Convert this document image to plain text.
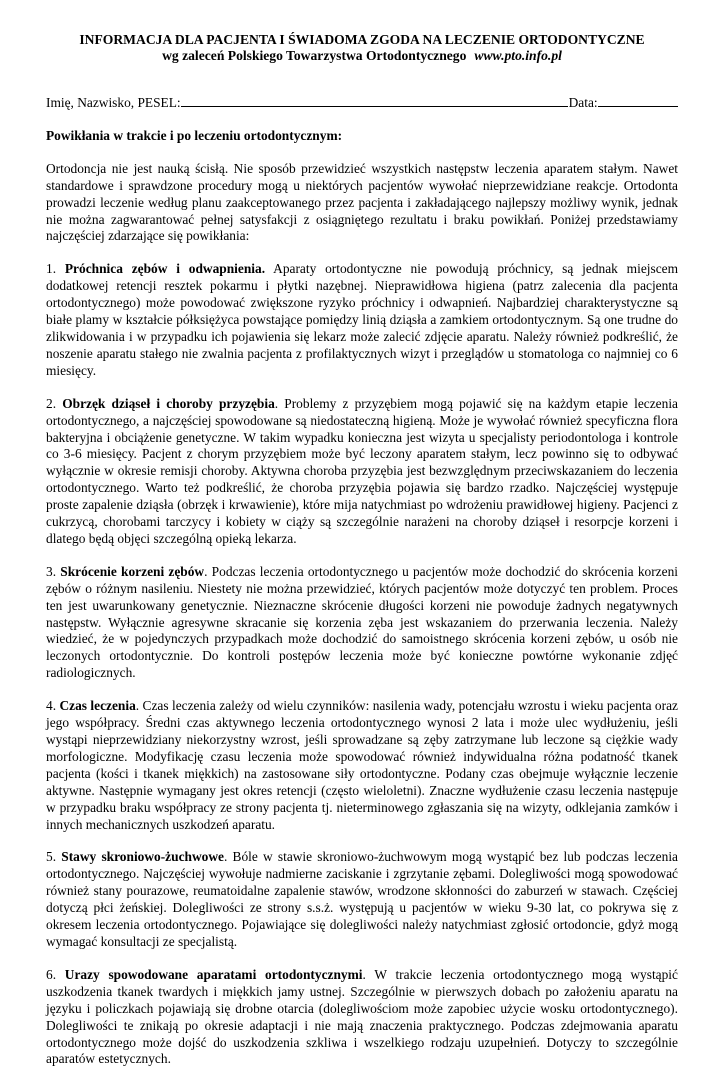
INFORMACJA DLA PACJENTA I ŚWIADOMA ZGODA NA LECZENIE ORTODONTYCZNE
wg zaleceń Polskiego Towarzystwa Ortodontycznego www.pto.info.pl
Imię, Nazwisko, PESEL:	Data:
Powikłania w trakcie i po leczeniu ortodontycznym:

Ortodoncja nie jest nauką ścisłą. Nie sposób przewidzieć wszystkich następstw leczenia aparatem stałym. Nawet standardowe i sprawdzone procedury mogą u niektórych pacjentów wywołać nieprzewidziane reakcje. Ortodonta prowadzi leczenie według planu zaakceptowanego przez pacjenta i zakładającego najlepszy możliwy wynik, jednak nie można zagwarantować pełnej satysfakcji z osiągniętego rezultatu i braku powikłań. Poniżej przedstawiamy najczęściej zdarzające się powikłania:

1. Próchnica zębów i odwapnienia. Aparaty ortodontyczne nie powodują próchnicy, są jednak miejscem dodatkowej retencji resztek pokarmu i płytki nazębnej. Nieprawidłowa higiena (patrz zalecenia dla pacjenta ortodontycznego) może powodować zwiększone ryzyko próchnicy i odwapnień. Najbardziej charakterystyczne są białe plamy w kształcie półksiężyca powstające pomiędzy linią dziąsła a zamkiem ortodontycznym. Są one trudne do zlikwidowania i w przypadku ich pojawienia się lekarz może zalecić zdjęcie aparatu. Należy również podkreślić, że noszenie aparatu stałego nie zwalnia pacjenta z profilaktycznych wizyt i przeglądów u stomatologa co najmniej co 6 miesięcy.

2. Obrzęk dziąseł i choroby przyzębia. Problemy z przyzębiem mogą pojawić się na każdym etapie leczenia ortodontycznego, a najczęściej spowodowane są niedostateczną higieną. Może je wywołać również specyficzna flora bakteryjna i obciążenie genetyczne. W takim wypadku konieczna jest wizyta u specjalisty periodontologa i kontrole co 3-6 miesięcy. Pacjent z chorym przyzębiem może być leczony aparatem stałym, lecz powinno się to odbywać wyłącznie w okresie remisji choroby. Aktywna choroba przyzębia jest bezwzględnym przeciwskazaniem do leczenia ortodontycznego. Warto też podkreślić, że choroba przyzębia pojawia się bardzo rzadko. Najczęściej występuje proste zapalenie dziąsła (obrzęk i krwawienie), które mija natychmiast po wdrożeniu prawidłowej higieny. Pacjenci z cukrzycą, chorobami tarczycy i kobiety w ciąży są szczególnie narażeni na choroby dziąseł i resorpcje korzeni i dlatego będą objęci szczególną opieką lekarza.

3. Skrócenie korzeni zębów. Podczas leczenia ortodontycznego u pacjentów może dochodzić do skrócenia korzeni zębów o różnym nasileniu. Niestety nie można przewidzieć, których pacjentów może dotyczyć ten problem. Proces ten jest uwarunkowany genetycznie. Nieznaczne skrócenie długości korzeni nie powoduje żadnych negatywnych następstw. Wyłącznie agresywne skracanie się korzenia zęba jest wskazaniem do przerwania leczenia. Należy wiedzieć, że w pojedynczych przypadkach może dochodzić do samoistnego skrócenia korzeni zębów, u osób nie leczonych ortodontycznie. Do kontroli postępów leczenia może być konieczne powtórne wykonanie zdjęć radiologicznych.

4. Czas leczenia. Czas leczenia zależy od wielu czynników: nasilenia wady, potencjału wzrostu i wieku pacjenta oraz jego współpracy. Średni czas aktywnego leczenia ortodontycznego wynosi 2 lata i może ulec wydłużeniu, jeśli wystąpi nieprzewidziany niekorzystny wzrost, jeśli sprowadzane są zęby zatrzymane lub leczone są ciężkie wady morfologiczne. Modyfikację czasu leczenia może spowodować również indywidualna różna podatność tkanek pacjenta (kości i tkanek miękkich) na zastosowane siły ortodontyczne. Podany czas obejmuje wyłącznie leczenie aktywne. Następnie wymagany jest okres retencji (często wieloletni). Znaczne wydłużenie czasu leczenia następuje w przypadku braku współpracy ze strony pacjenta tj. nieterminowego zgłaszania się na wizyty, odklejania zamków i innych mechanicznych uszkodzeń aparatu.

5. Stawy skroniowo-żuchwowe. Bóle w stawie skroniowo-żuchwowym mogą wystąpić bez lub podczas leczenia ortodontycznego. Najczęściej wywołuje nadmierne zaciskanie i zgrzytanie zębami. Dolegliwości mogą spowodować również stany pourazowe, reumatoidalne zapalenie stawów, wrodzone skłonności do zaburzeń w stawach. Częściej dotyczą płci żeńskiej. Dolegliwości ze strony s.s.ż. występują u pacjentów w wieku 9-30 lat, co pokrywa się z okresem leczenia ortodontycznego. Pojawiające się dolegliwości należy natychmiast zgłosić ortodoncie, gdyż mogą wymagać konsultacji ze specjalistą.

6. Urazy spowodowane aparatami ortodontycznymi. W trakcie leczenia ortodontycznego mogą wystąpić uszkodzenia tkanek twardych i miękkich jamy ustnej. Szczególnie w pierwszych dobach po założeniu aparatu na języku i policzkach pojawiają się drobne otarcia (dolegliwościom może zapobiec użycie wosku ortodontycznego). Dolegliwości te znikają po okresie adaptacji i nie mają znaczenia praktycznego. Podczas zdejmowania aparatu ortodontycznego może dojść do uszkodzenia szkliwa i wszelkiego rodzaju uzupełnień. Dotyczy to szczególnie aparatów estetycznych.
